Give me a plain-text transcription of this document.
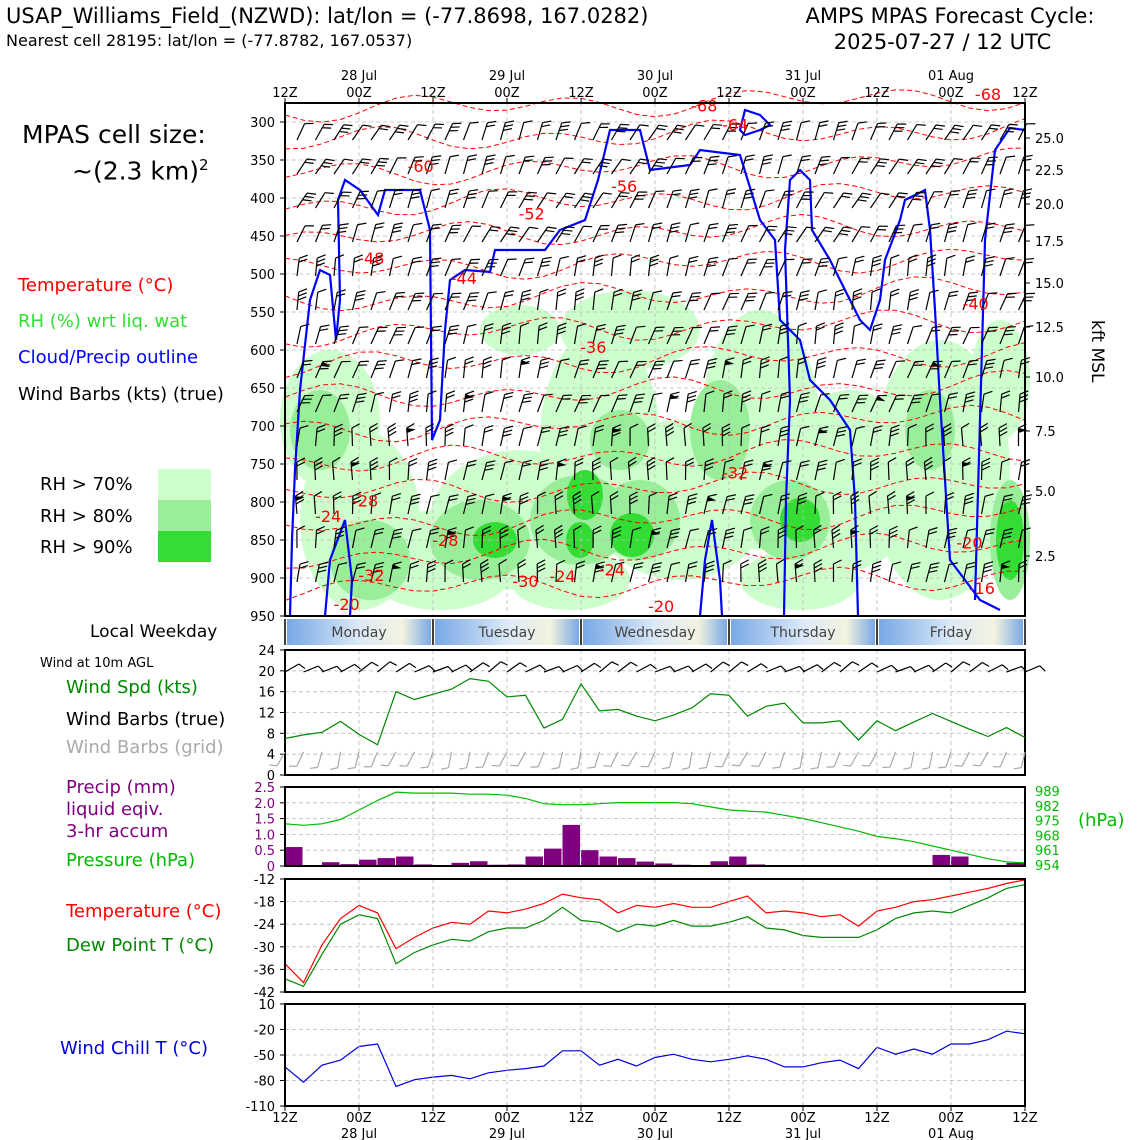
USAP_Williams_Field_(NZWD): lat/lon = (-77.8698, 167.0282)
Nearest cell 28195: lat/lon = (-77.8782, 167.0537)
AMPS MPAS Forecast Cycle:
2025-07-27 / 12 UTC
MPAS cell size:
~(2.3 km)$^2$
Temperature (°C)
RH (%) wrt liq. wat
Cloud/Precip outline
Wind Barbs (kts) (true)
RH > 70%
RH > 80%
RH > 90%
Local Weekday
Wind at 10m AGL
Wind Spd (kts)
Wind Barbs (true)
Wind Barbs (grid)
Precip (mm)
liquid eqiv.
3-hr accum
Pressure (hPa)
(hPa)
Temperature (°C)
Dew Point T (°C)
Wind Chill T (°C)
kft MSL
-68
-64
-68
-60
-56
-52
-48
-44
-40
-36
-32
-28
-24
-28	-20
-32	-30 -24 -24
-16
-20	-20
300
350
400
450
500
550
600
650
700
750
800
850
900
950
25.0
22.5
20.0
17.5
15.0
12.5
10.0
7.5
5.0
2.5
12Z	00Z	12Z	00Z	12Z	00Z	12Z	00Z	12Z	00Z	12Z
28 Jul	29 Jul	30 Jul	31 Jul	01 Aug
Monday	Tuesday	Wednesday	Thursday	Friday
0
4
8
12
16
20
24
0
0.5
1.0
1.5
2.0
2.5
954
961
968
975
982
989
-42
-36
-30
-24
-18
-12
-110
-80
-50
-20
10
12Z	00Z	12Z	00Z	12Z	00Z	12Z	00Z	12Z	00Z	12Z
28 Jul	29 Jul	30 Jul	31 Jul	01 Aug
